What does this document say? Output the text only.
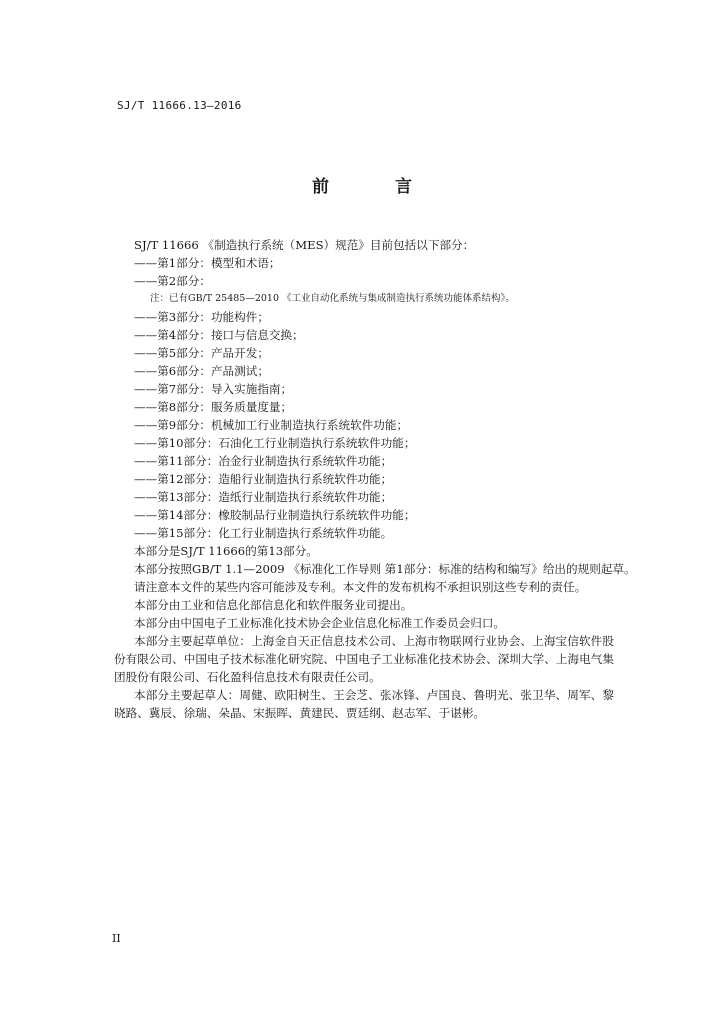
SJ/T 11666.13—2016
前 言
SJ/T 11666 《制造执行系统（MES）规范》目前包括以下部分：
——第1部分：模型和术语；
——第2部分：
注：已有GB/T 25485—2010 《工业自动化系统与集成制造执行系统功能体系结构》。
——第3部分：功能构件；
——第4部分：接口与信息交换；
——第5部分：产品开发；
——第6部分：产品测试；
——第7部分：导入实施指南；
——第8部分：服务质量度量；
——第9部分：机械加工行业制造执行系统软件功能；
——第10部分：石油化工行业制造执行系统软件功能；
——第11部分：冶金行业制造执行系统软件功能；
——第12部分：造船行业制造执行系统软件功能；
——第13部分：造纸行业制造执行系统软件功能；
——第14部分：橡胶制品行业制造执行系统软件功能；
——第15部分：化工行业制造执行系统软件功能。
本部分是SJ/T 11666的第13部分。
本部分按照GB/T 1.1—2009 《标准化工作导则 第1部分：标准的结构和编写》给出的规则起草。
请注意本文件的某些内容可能涉及专利。本文件的发布机构不承担识别这些专利的责任。
本部分由工业和信息化部信息化和软件服务业司提出。
本部分由中国电子工业标准化技术协会企业信息化标准工作委员会归口。
本部分主要起草单位：上海金自天正信息技术公司、上海市物联网行业协会、上海宝信软件股份有限公司、中国电子技术标准化研究院、中国电子工业标准化技术协会、深圳大学、上海电气集团股份有限公司、石化盈科信息技术有限责任公司。
本部分主要起草人：周健、欧阳树生、王会芝、张冰锋、卢国良、鲁明光、张卫华、周军、黎晓路、冀辰、徐瑞、朵晶、宋振晖、黄建民、贾廷纲、赵志军、于谌彬。
II
